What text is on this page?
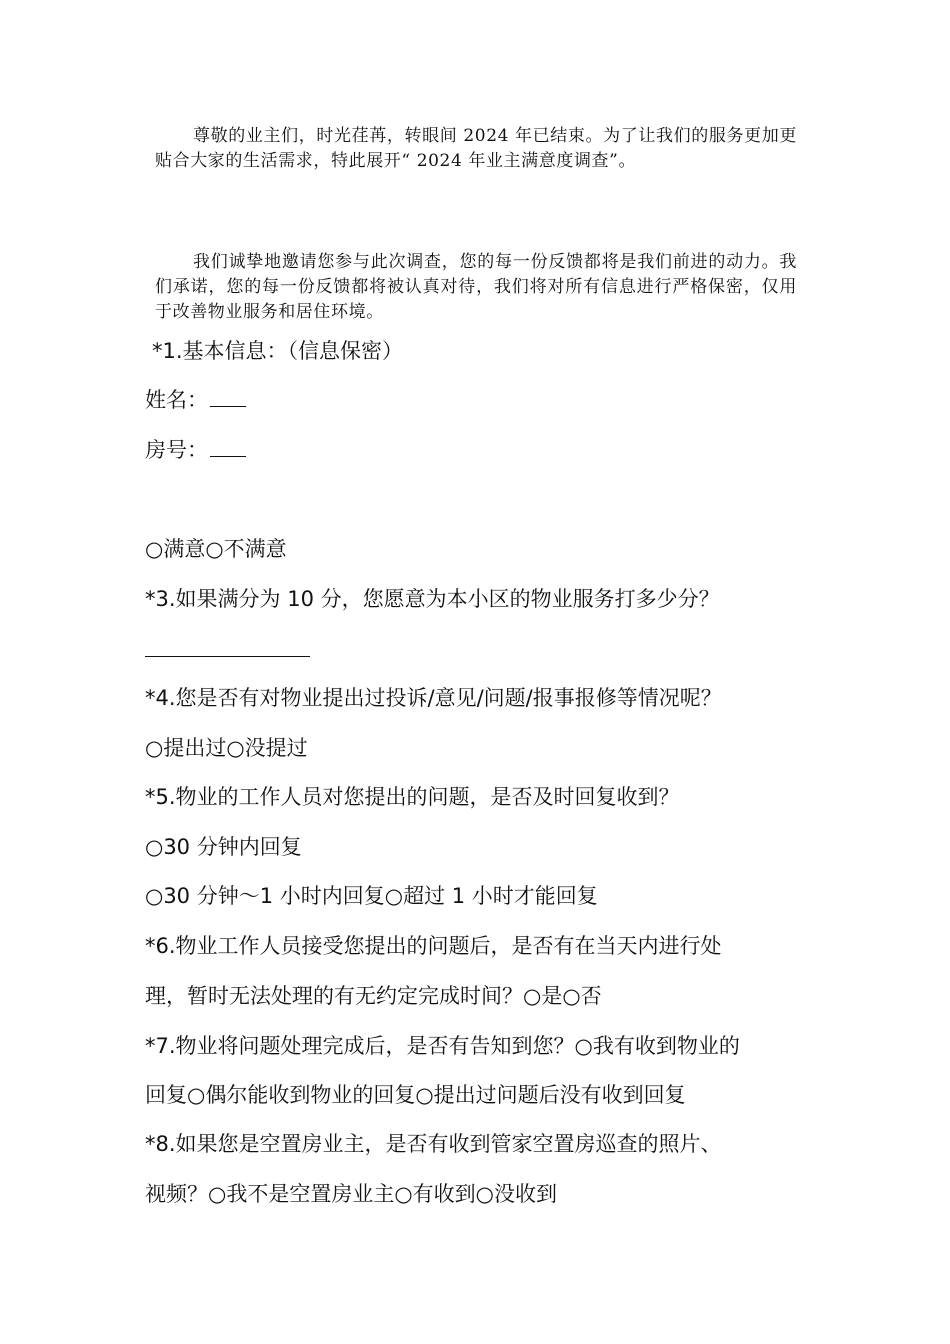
尊敬的业主们，时光荏苒，转眼间 2024 年已结束。为了让我们的服务更加更贴合大家的生活需求，特此展开“ 2024 年业主满意度调查”。

我们诚挚地邀请您参与此次调查，您的每一份反馈都将是我们前进的动力。我们承诺，您的每一份反馈都将被认真对待，我们将对所有信息进行严格保密，仅用于改善物业服务和居住环境。

*1.基本信息：（信息保密）
姓名：
房号：
○满意○不满意
*3.如果满分为 10 分，您愿意为本小区的物业服务打多少分？
*4.您是否有对物业提出过投诉/意见/问题/报事报修等情况呢？
○提出过○没提过
*5.物业的工作人员对您提出的问题，是否及时回复收到？
○30 分钟内回复
○30 分钟～1 小时内回复○超过 1 小时才能回复
*6.物业工作人员接受您提出的问题后，是否有在当天内进行处
理，暂时无法处理的有无约定完成时间？○是○否
*7.物业将问题处理完成后，是否有告知到您？○我有收到物业的
回复○偶尔能收到物业的回复○提出过问题后没有收到回复
*8.如果您是空置房业主，是否有收到管家空置房巡查的照片、
视频？○我不是空置房业主○有收到○没收到
